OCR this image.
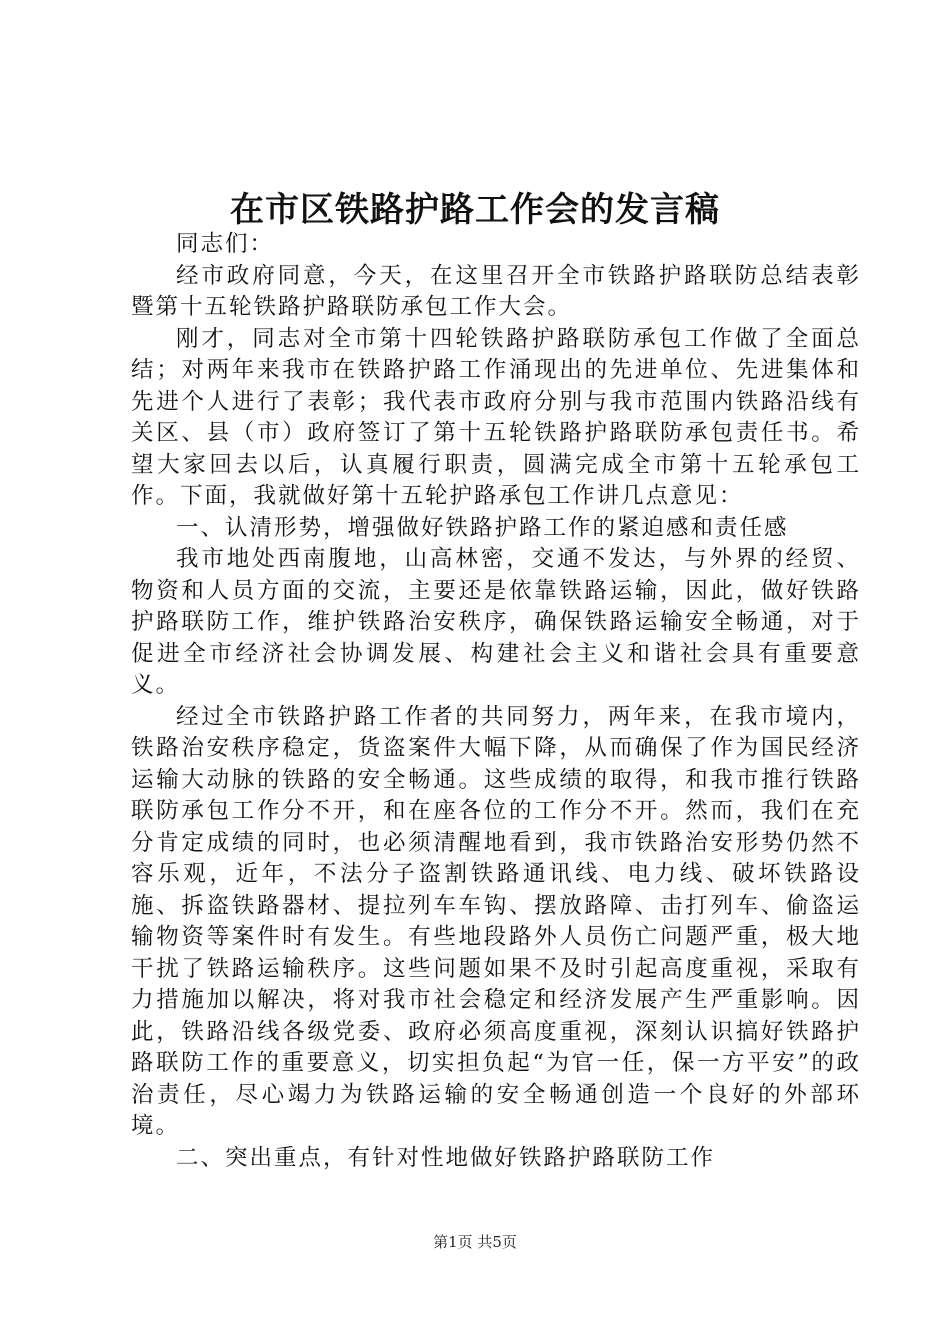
在市区铁路护路工作会的发言稿

同志们：

经市政府同意，今天，在这里召开全市铁路护路联防总结表彰暨第十五轮铁路护路联防承包工作大会。

刚才，同志对全市第十四轮铁路护路联防承包工作做了全面总结；对两年来我市在铁路护路工作涌现出的先进单位、先进集体和先进个人进行了表彰；我代表市政府分别与我市范围内铁路沿线有关区、县（市）政府签订了第十五轮铁路护路联防承包责任书。希望大家回去以后，认真履行职责，圆满完成全市第十五轮承包工作。下面，我就做好第十五轮护路承包工作讲几点意见：

一、认清形势，增强做好铁路护路工作的紧迫感和责任感

我市地处西南腹地，山高林密，交通不发达，与外界的经贸、物资和人员方面的交流，主要还是依靠铁路运输，因此，做好铁路护路联防工作，维护铁路治安秩序，确保铁路运输安全畅通，对于促进全市经济社会协调发展、构建社会主义和谐社会具有重要意义。

经过全市铁路护路工作者的共同努力，两年来，在我市境内，铁路治安秩序稳定，货盗案件大幅下降，从而确保了作为国民经济运输大动脉的铁路的安全畅通。这些成绩的取得，和我市推行铁路联防承包工作分不开，和在座各位的工作分不开。然而，我们在充分肯定成绩的同时，也必须清醒地看到，我市铁路治安形势仍然不容乐观，近年，不法分子盗割铁路通讯线、电力线、破坏铁路设施、拆盗铁路器材、提拉列车车钩、摆放路障、击打列车、偷盗运输物资等案件时有发生。有些地段路外人员伤亡问题严重，极大地干扰了铁路运输秩序。这些问题如果不及时引起高度重视，采取有力措施加以解决，将对我市社会稳定和经济发展产生严重影响。因此，铁路沿线各级党委、政府必须高度重视，深刻认识搞好铁路护路联防工作的重要意义，切实担负起“为官一任，保一方平安”的政治责任，尽心竭力为铁路运输的安全畅通创造一个良好的外部环境。

二、突出重点，有针对性地做好铁路护路联防工作

第1页 共5页
